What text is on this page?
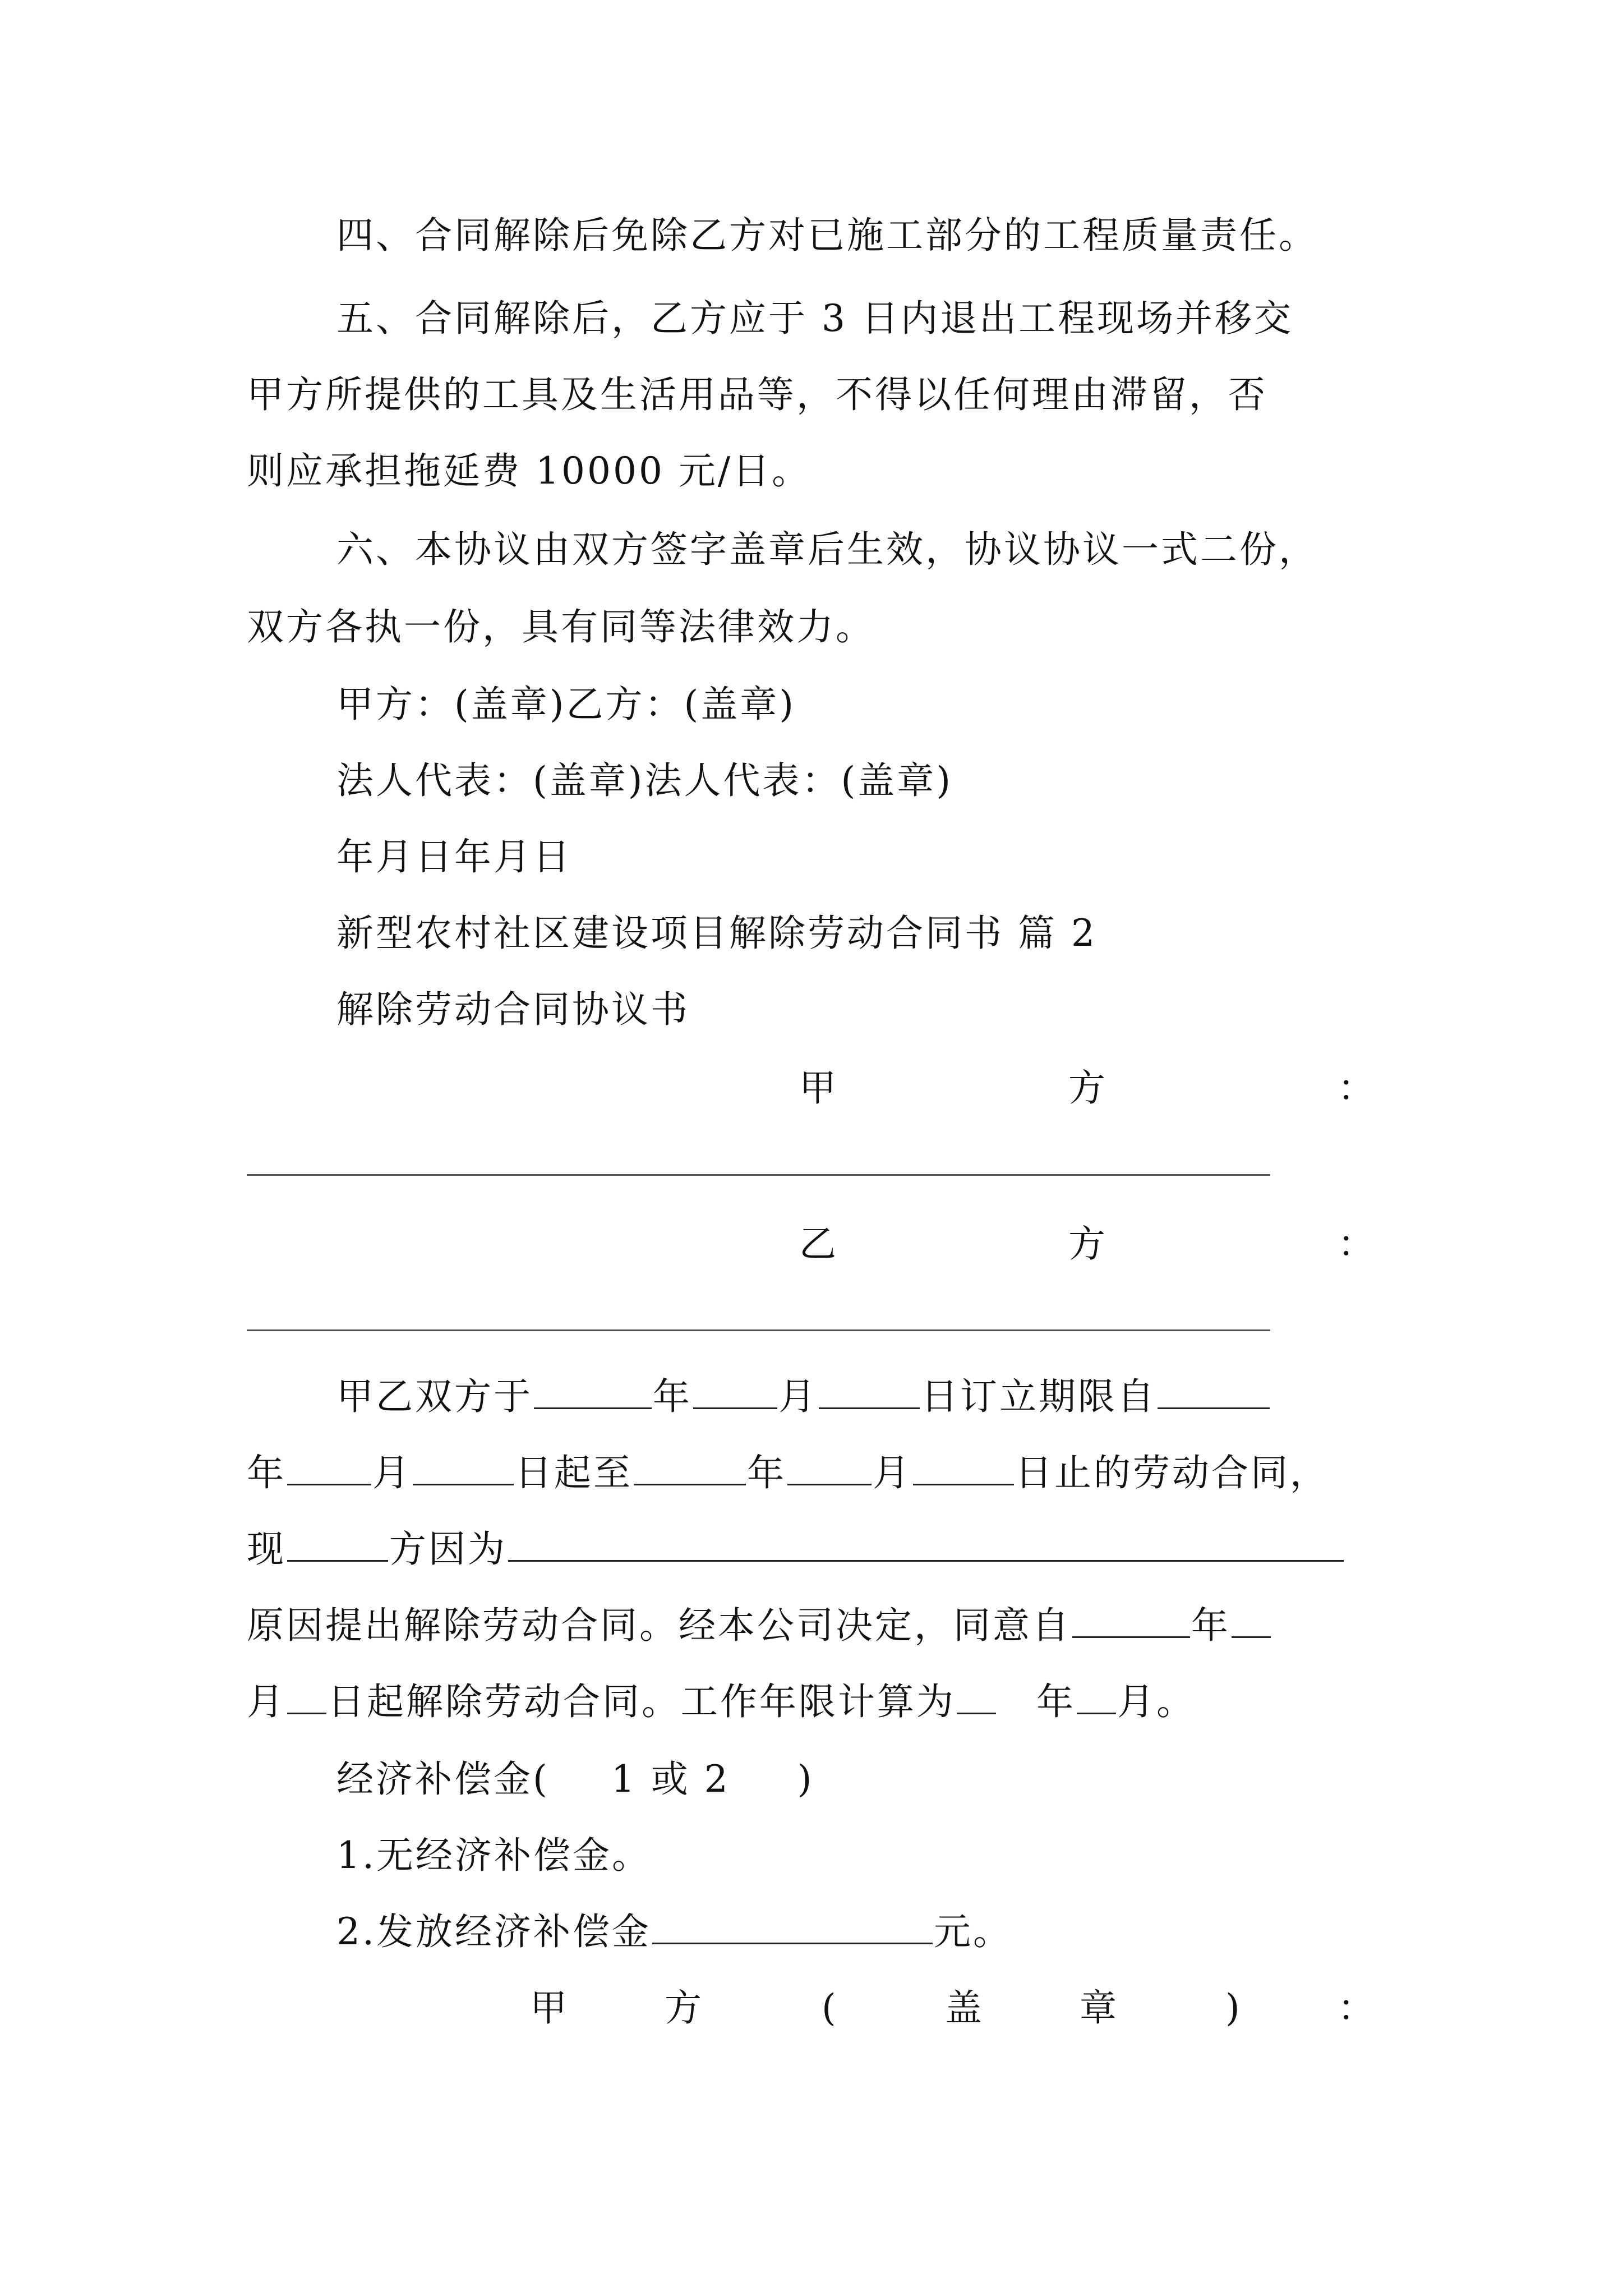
四、合同解除后免除乙方对已施工部分的工程质量责任。
五、合同解除后，乙方应于 3 日内退出工程现场并移交
甲方所提供的工具及生活用品等，不得以任何理由滞留，否
则应承担拖延费 10000 元/日。
六、本协议由双方签字盖章后生效，协议协议一式二份，
双方各执一份，具有同等法律效力。
甲方：(盖章)乙方：(盖章)
法人代表：(盖章)法人代表：(盖章)
年月日年月日
新型农村社区建设项目解除劳动合同书 篇 2
解除劳动合同协议书
甲	方	：
乙	方	：
甲乙双方于	年 月	日订立期限自
年 月	日起至	年 月	日止的劳动合同，
现	方因为
原因提出解除劳动合同。经本公司决定，同意自	年
月 日起解除劳动合同。工作年限计算为 年 月。
经济补偿金( 1 或 2 )
1.无经济补偿金。
2.发放经济补偿金	元。
甲	方	(	盖	章	)	：
